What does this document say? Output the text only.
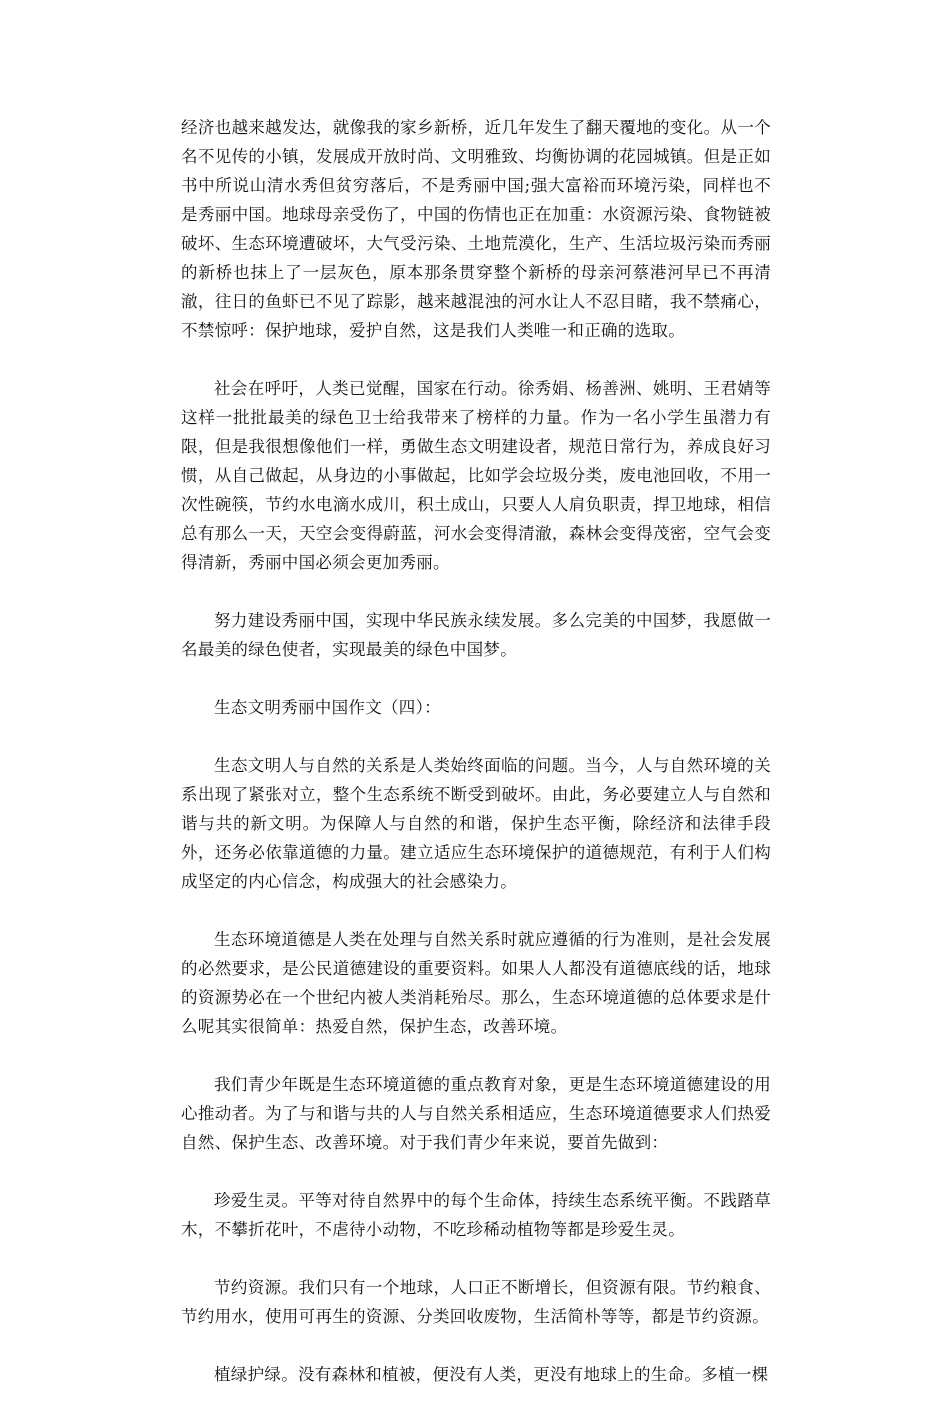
经济也越来越发达，就像我的家乡新桥，近几年发生了翻天覆地的变化。从一个名不见传的小镇，发展成开放时尚、文明雅致、均衡协调的花园城镇。但是正如书中所说山清水秀但贫穷落后，不是秀丽中国;强大富裕而环境污染，同样也不是秀丽中国。地球母亲受伤了，中国的伤情也正在加重：水资源污染、食物链被破坏、生态环境遭破坏，大气受污染、土地荒漠化，生产、生活垃圾污染而秀丽的新桥也抹上了一层灰色，原本那条贯穿整个新桥的母亲河蔡港河早已不再清澈，往日的鱼虾已不见了踪影，越来越混浊的河水让人不忍目睹，我不禁痛心，不禁惊呼：保护地球，爱护自然，这是我们人类唯一和正确的选取。

社会在呼吁，人类已觉醒，国家在行动。徐秀娟、杨善洲、姚明、王君婧等这样一批批最美的绿色卫士给我带来了榜样的力量。作为一名小学生虽潜力有限，但是我很想像他们一样，勇做生态文明建设者，规范日常行为，养成良好习惯，从自己做起，从身边的小事做起，比如学会垃圾分类，废电池回收，不用一次性碗筷，节约水电滴水成川，积土成山，只要人人肩负职责，捍卫地球，相信总有那么一天，天空会变得蔚蓝，河水会变得清澈，森林会变得茂密，空气会变得清新，秀丽中国必须会更加秀丽。

努力建设秀丽中国，实现中华民族永续发展。多么完美的中国梦，我愿做一名最美的绿色使者，实现最美的绿色中国梦。

生态文明秀丽中国作文（四）：

生态文明人与自然的关系是人类始终面临的问题。当今，人与自然环境的关系出现了紧张对立，整个生态系统不断受到破坏。由此，务必要建立人与自然和谐与共的新文明。为保障人与自然的和谐，保护生态平衡，除经济和法律手段外，还务必依靠道德的力量。建立适应生态环境保护的道德规范，有利于人们构成坚定的内心信念，构成强大的社会感染力。

生态环境道德是人类在处理与自然关系时就应遵循的行为准则，是社会发展的必然要求，是公民道德建设的重要资料。如果人人都没有道德底线的话，地球的资源势必在一个世纪内被人类消耗殆尽。那么，生态环境道德的总体要求是什么呢其实很简单：热爱自然，保护生态，改善环境。

我们青少年既是生态环境道德的重点教育对象，更是生态环境道德建设的用心推动者。为了与和谐与共的人与自然关系相适应，生态环境道德要求人们热爱自然、保护生态、改善环境。对于我们青少年来说，要首先做到：

珍爱生灵。平等对待自然界中的每个生命体，持续生态系统平衡。不践踏草木，不攀折花叶，不虐待小动物，不吃珍稀动植物等都是珍爱生灵。

节约资源。我们只有一个地球，人口正不断增长，但资源有限。节约粮食、节约用水，使用可再生的资源、分类回收废物，生活简朴等等，都是节约资源。

植绿护绿。没有森林和植被，便没有人类，更没有地球上的生命。多植一棵
